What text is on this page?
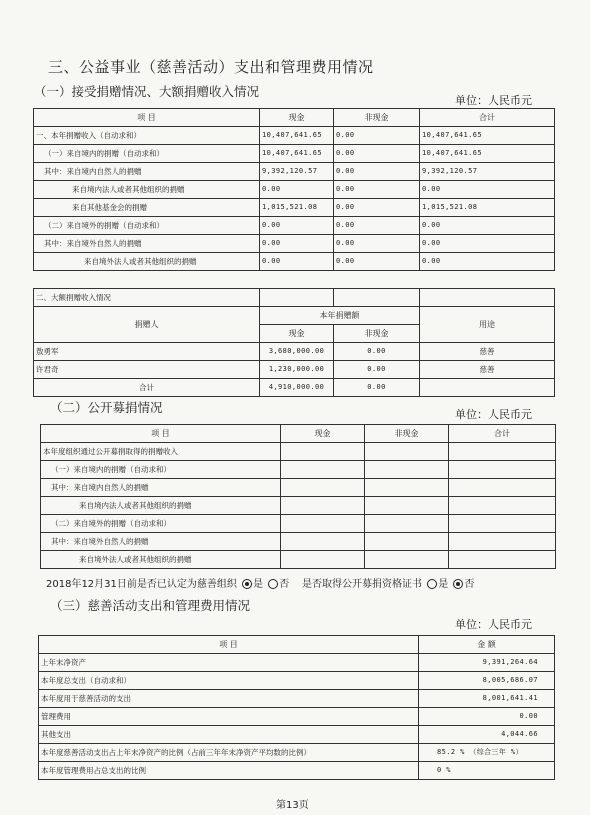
三、公益事业（慈善活动）支出和管理费用情况
（一）接受捐赠情况、大额捐赠收入情况
单位：人民币元
项 目	现金	非现金	合计
一、本年捐赠收入（自动求和）	10,407,641.65	0.00	10,407,641.65
（一）来自境内的捐赠（自动求和）	10,407,641.65	0.00	10,407,641.65
其中：来自境内自然人的捐赠	9,392,120.57	0.00	9,392,120.57
来自境内法人或者其他组织的捐赠	0.00	0.00	0.00
来自其他基金会的捐赠	1,015,521.08	0.00	1,015,521.08
（二）来自境外的捐赠（自动求和）	0.00	0.00	0.00
其中：来自境外自然人的捐赠	0.00	0.00	0.00
来自境外法人或者其他组织的捐赠	0.00	0.00	0.00
二、大额捐赠收入情况			
捐赠人	本年捐赠额		用途
	现金	非现金	
敖勇军	3,680,000.00	0.00	慈善
许君奇	1,230,000.00	0.00	慈善
合计	4,910,000.00	0.00	
（二）公开募捐情况	单位：人民币元
项 目	现金	非现金	合计
本年度组织通过公开募捐取得的捐赠收入			
（一）来自境内的捐赠（自动求和）			
其中：来自境内自然人的捐赠			
来自境内法人或者其他组织的捐赠			
（二）来自境外的捐赠（自动求和）			
其中：来自境外自然人的捐赠			
来自境外法人或者其他组织的捐赠			
2018年12月31日前是否已认定为慈善组织 是 否 是否取得公开募捐资格证书 是 否
（三）慈善活动支出和管理费用情况
单位：人民币元
项 目	金 额
上年末净资产	9,391,264.64
本年度总支出（自动求和）	8,005,686.07
本年度用于慈善活动的支出	8,001,641.41
管理费用	0.00
其他支出	4,044.66
本年度慈善活动支出占上年末净资产的比例（占前三年年末净资产平均数的比例）	85.2 % （综合三年 %）
本年度管理费用占总支出的比例	0 %
第13页
